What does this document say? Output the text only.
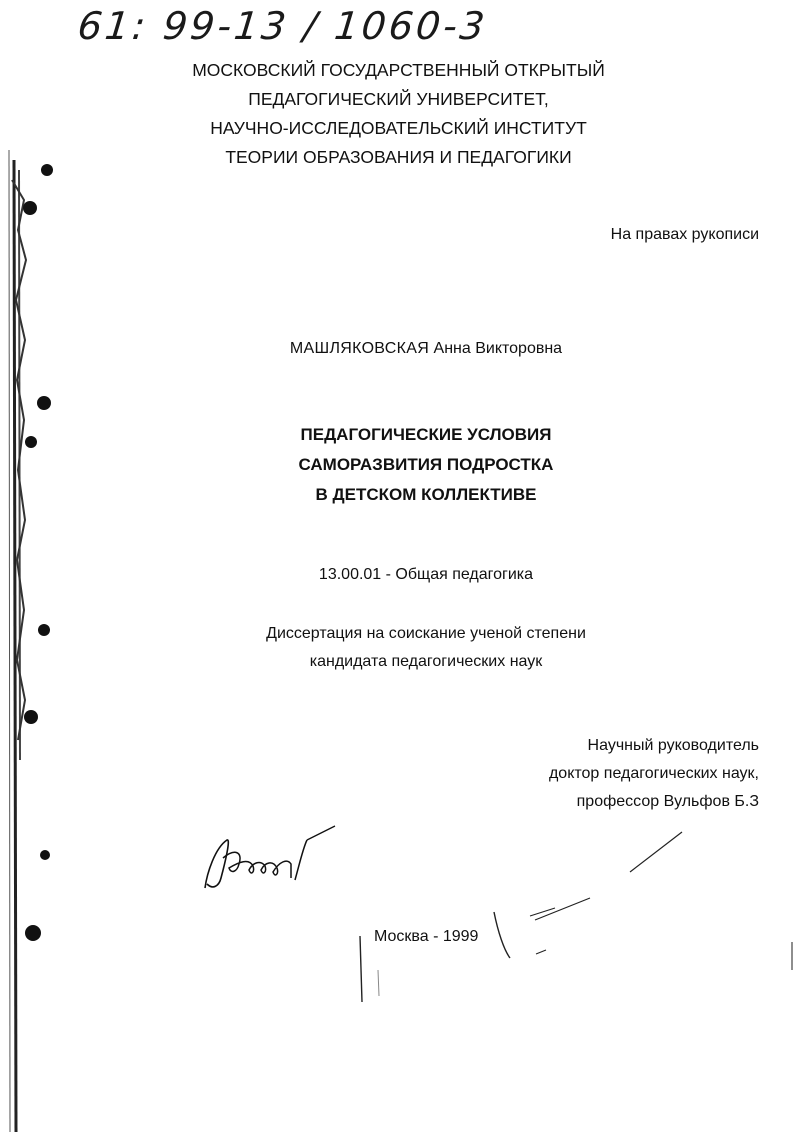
61: 99-13 / 1060-3
МОСКОВСКИЙ ГОСУДАРСТВЕННЫЙ ОТКРЫТЫЙ
ПЕДАГОГИЧЕСКИЙ УНИВЕРСИТЕТ,
НАУЧНО-ИССЛЕДОВАТЕЛЬСКИЙ ИНСТИТУТ
ТЕОРИИ ОБРАЗОВАНИЯ И ПЕДАГОГИКИ
На правах рукописи
МАШЛЯКОВСКАЯ Анна Викторовна
ПЕДАГОГИЧЕСКИЕ УСЛОВИЯ
САМОРАЗВИТИЯ ПОДРОСТКА
В ДЕТСКОМ КОЛЛЕКТИВЕ
13.00.01 - Общая педагогика
Диссертация на соискание ученой степени
кандидата педагогических наук
Научный руководитель
доктор педагогических наук,
профессор Вульфов Б.З
Москва - 1999
